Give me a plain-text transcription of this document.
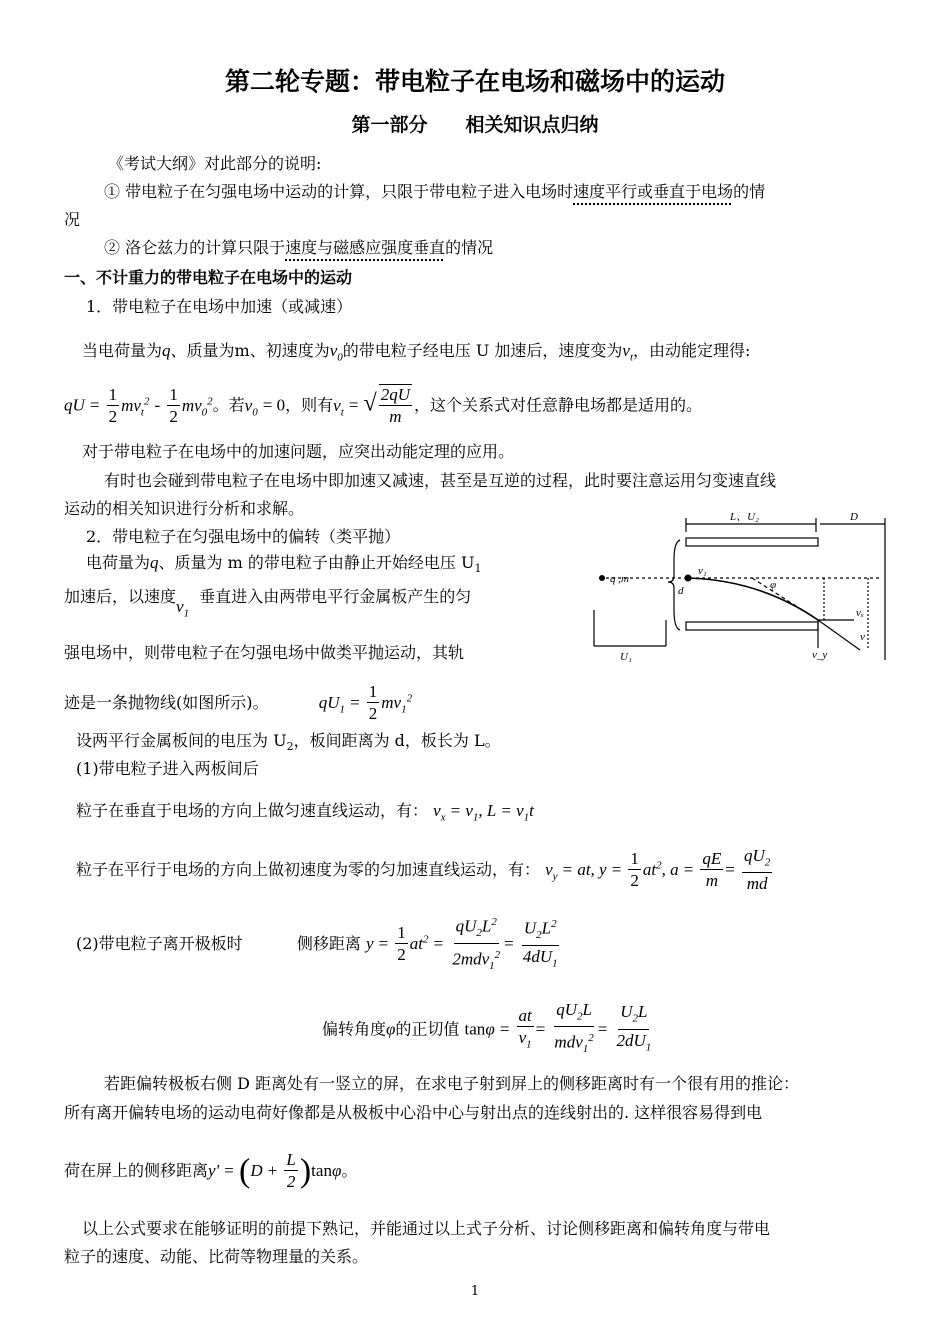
第二轮专题：带电粒子在电场和磁场中的运动
第一部分　　相关知识点归纳
《考试大纲》对此部分的说明:
① 带电粒子在匀强电场中运动的计算，只限于带电粒子进入电场时速度平行或垂直于电场的情
况
② 洛仑兹力的计算只限于速度与磁感应强度垂直的情况
一、不计重力的带电粒子在电场中的运动
1．带电粒子在电场中加速（或减速）
当电荷量为q、质量为m、初速度为$v_0$的带电粒子经电压 U 加速后，速度变为$v_t$，由动能定理得:
qU = $\frac{1}{2} mv_t^2 - \frac{1}{2} mv_0^2$。若$v_0 = 0$，则有$v_t$ = √ $\frac{2qU}{m}$ ，这个关系式对任意静电场都是适用的。
对于带电粒子在电场中的加速问题，应突出动能定理的应用。
有时也会碰到带电粒子在电场中即加速又减速，甚至是互逆的过程，此时要注意运用匀变速直线
运动的相关知识进行分析和求解。
2．带电粒子在匀强电场中的偏转（类平抛）
电荷量为q、质量为 m 的带电粒子由静止开始经电压 $U_1$
加速后，以速度$v_1$  垂直进入由两带电平行金属板产生的匀
强电场中，则带电粒子在匀强电场中做类平抛运动，其轨
迹是一条抛物线(如图所示)。	$qU_1 = \frac{1}{2} mv_1^2$
L、U₂	D
q ,m
v₁
d	φ
vₓ
v
v_y
U₁
设两平行金属板间的电压为 $U_2$，板间距离为 d，板长为 L。
(1)带电粒子进入两板间后
粒子在垂直于电场的方向上做匀速直线运动，有： $v_x = v_1$, $L = v_1t$
粒子在平行于电场的方向上做初速度为零的匀加速直线运动，有： $v_y$ = at, $y = \frac{1}{2} at^2$, $a = \frac{qE}{m} = \frac{qU_2}{md}$
(2)带电粒子离开极板时	侧移距离 $y = \frac{1}{2} at^2 = \frac{qU_2L^2}{2mdv_1^2} = \frac{U_2L^2}{4dU_1}$
偏转角度φ的正切值 $\tan\varphi = \frac{at}{v_1} = \frac{qU_2L}{mdv_1^2} = \frac{U_2L}{2dU_1}$
若距偏转极板右侧 D 距离处有一竖立的屏，在求电子射到屏上的侧移距离时有一个很有用的推论：
所有离开偏转电场的运动电荷好像都是从极板中心沿中心与射出点的连线射出的. 这样很容易得到电
荷在屏上的侧移距离$y' = (D + \frac{L}{2} )\tan\varphi$。
以上公式要求在能够证明的前提下熟记，并能通过以上式子分析、讨论侧移距离和偏转角度与带电
粒子的速度、动能、比荷等物理量的关系。
1
